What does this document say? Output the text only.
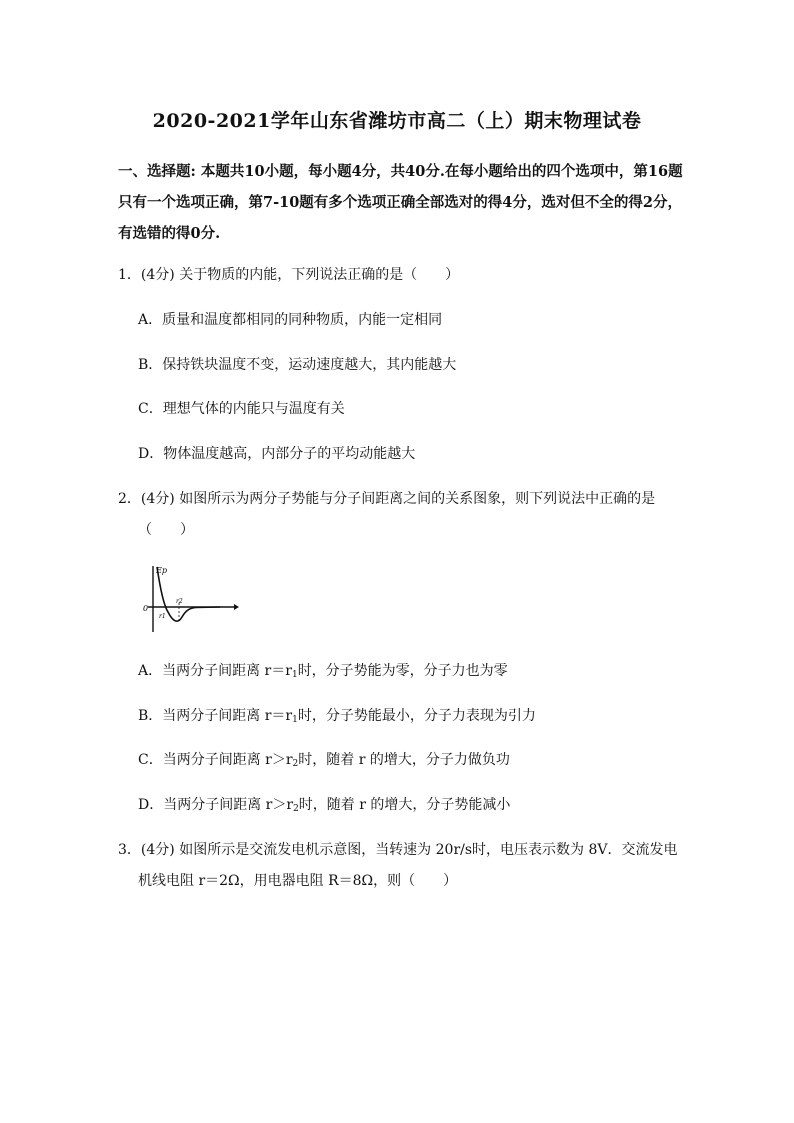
2020-2021学年山东省潍坊市高二（上）期末物理试卷
一、选择题: 本题共10小题，每小题4分，共40分.在每小题给出的四个选项中，第16题
只有一个选项正确，第7-10题有多个选项正确全部选对的得4分，选对但不全的得2分，
有选错的得0分.
1．(4分) 关于物质的内能，下列说法正确的是（　　）
A．质量和温度都相同的同种物质，内能一定相同
B．保持铁块温度不变，运动速度越大，其内能越大
C．理想气体的内能只与温度有关
D．物体温度越高，内部分子的平均动能越大
2．(4分) 如图所示为两分子势能与分子间距离之间的关系图象，则下列说法中正确的是
（　　）
Ep
0
r1
r2
A．当两分子间距离 $r=r_1$时，分子势能为零，分子力也为零
B．当两分子间距离 $r=r_1$时，分子势能最小，分子力表现为引力
C．当两分子间距离 $r>r_2$时，随着 r 的增大，分子力做负功
D．当两分子间距离 $r>r_2$时，随着 r 的增大，分子势能减小
3．(4分) 如图所示是交流发电机示意图，当转速为 20r/s时，电压表示数为 8V．交流发电
机线电阻 r＝2Ω，用电器电阻 R＝8Ω，则（　　）
